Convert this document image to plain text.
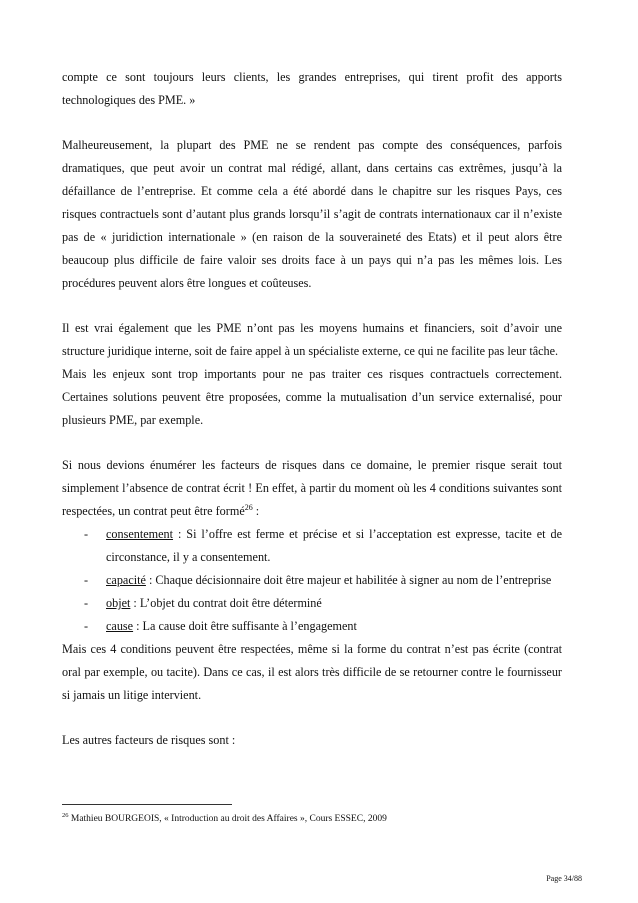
compte ce sont toujours leurs clients, les grandes entreprises, qui tirent profit des apports technologiques des PME. »

Malheureusement, la plupart des PME ne se rendent pas compte des conséquences, parfois dramatiques, que peut avoir un contrat mal rédigé, allant, dans certains cas extrêmes, jusqu’à la défaillance de l’entreprise. Et comme cela a été abordé dans le chapitre sur les risques Pays, ces risques contractuels sont d’autant plus grands lorsqu’il s’agit de contrats internationaux car il n’existe pas de « juridiction internationale » (en raison de la souveraineté des Etats) et il peut alors être beaucoup plus difficile de faire valoir ses droits face à un pays qui n’a pas les mêmes lois. Les procédures peuvent alors être longues et coûteuses.

Il est vrai également que les PME n’ont pas les moyens humains et financiers, soit d’avoir une structure juridique interne, soit de faire appel à un spécialiste externe, ce qui ne facilite pas leur tâche.

Mais les enjeux sont trop importants pour ne pas traiter ces risques contractuels correctement. Certaines solutions peuvent être proposées, comme la mutualisation d’un service externalisé, pour plusieurs PME, par exemple.

Si nous devions énumérer les facteurs de risques dans ce domaine, le premier risque serait tout simplement l’absence de contrat écrit ! En effet, à partir du moment où les 4 conditions suivantes sont respectées, un contrat peut être formé$^{26}$ :

- consentement : Si l’offre est ferme et précise et si l’acceptation est expresse, tacite et de circonstance, il y a consentement.
- capacité : Chaque décisionnaire doit être majeur et habilitée à signer au nom de l’entreprise
- objet : L’objet du contrat doit être déterminé
- cause : La cause doit être suffisante à l’engagement

Mais ces 4 conditions peuvent être respectées, même si la forme du contrat n’est pas écrite (contrat oral par exemple, ou tacite). Dans ce cas, il est alors très difficile de se retourner contre le fournisseur si jamais un litige intervient.

Les autres facteurs de risques sont :

$^{26}$ Mathieu BOURGEOIS, « Introduction au droit des Affaires », Cours ESSEC, 2009
Page 34/88
